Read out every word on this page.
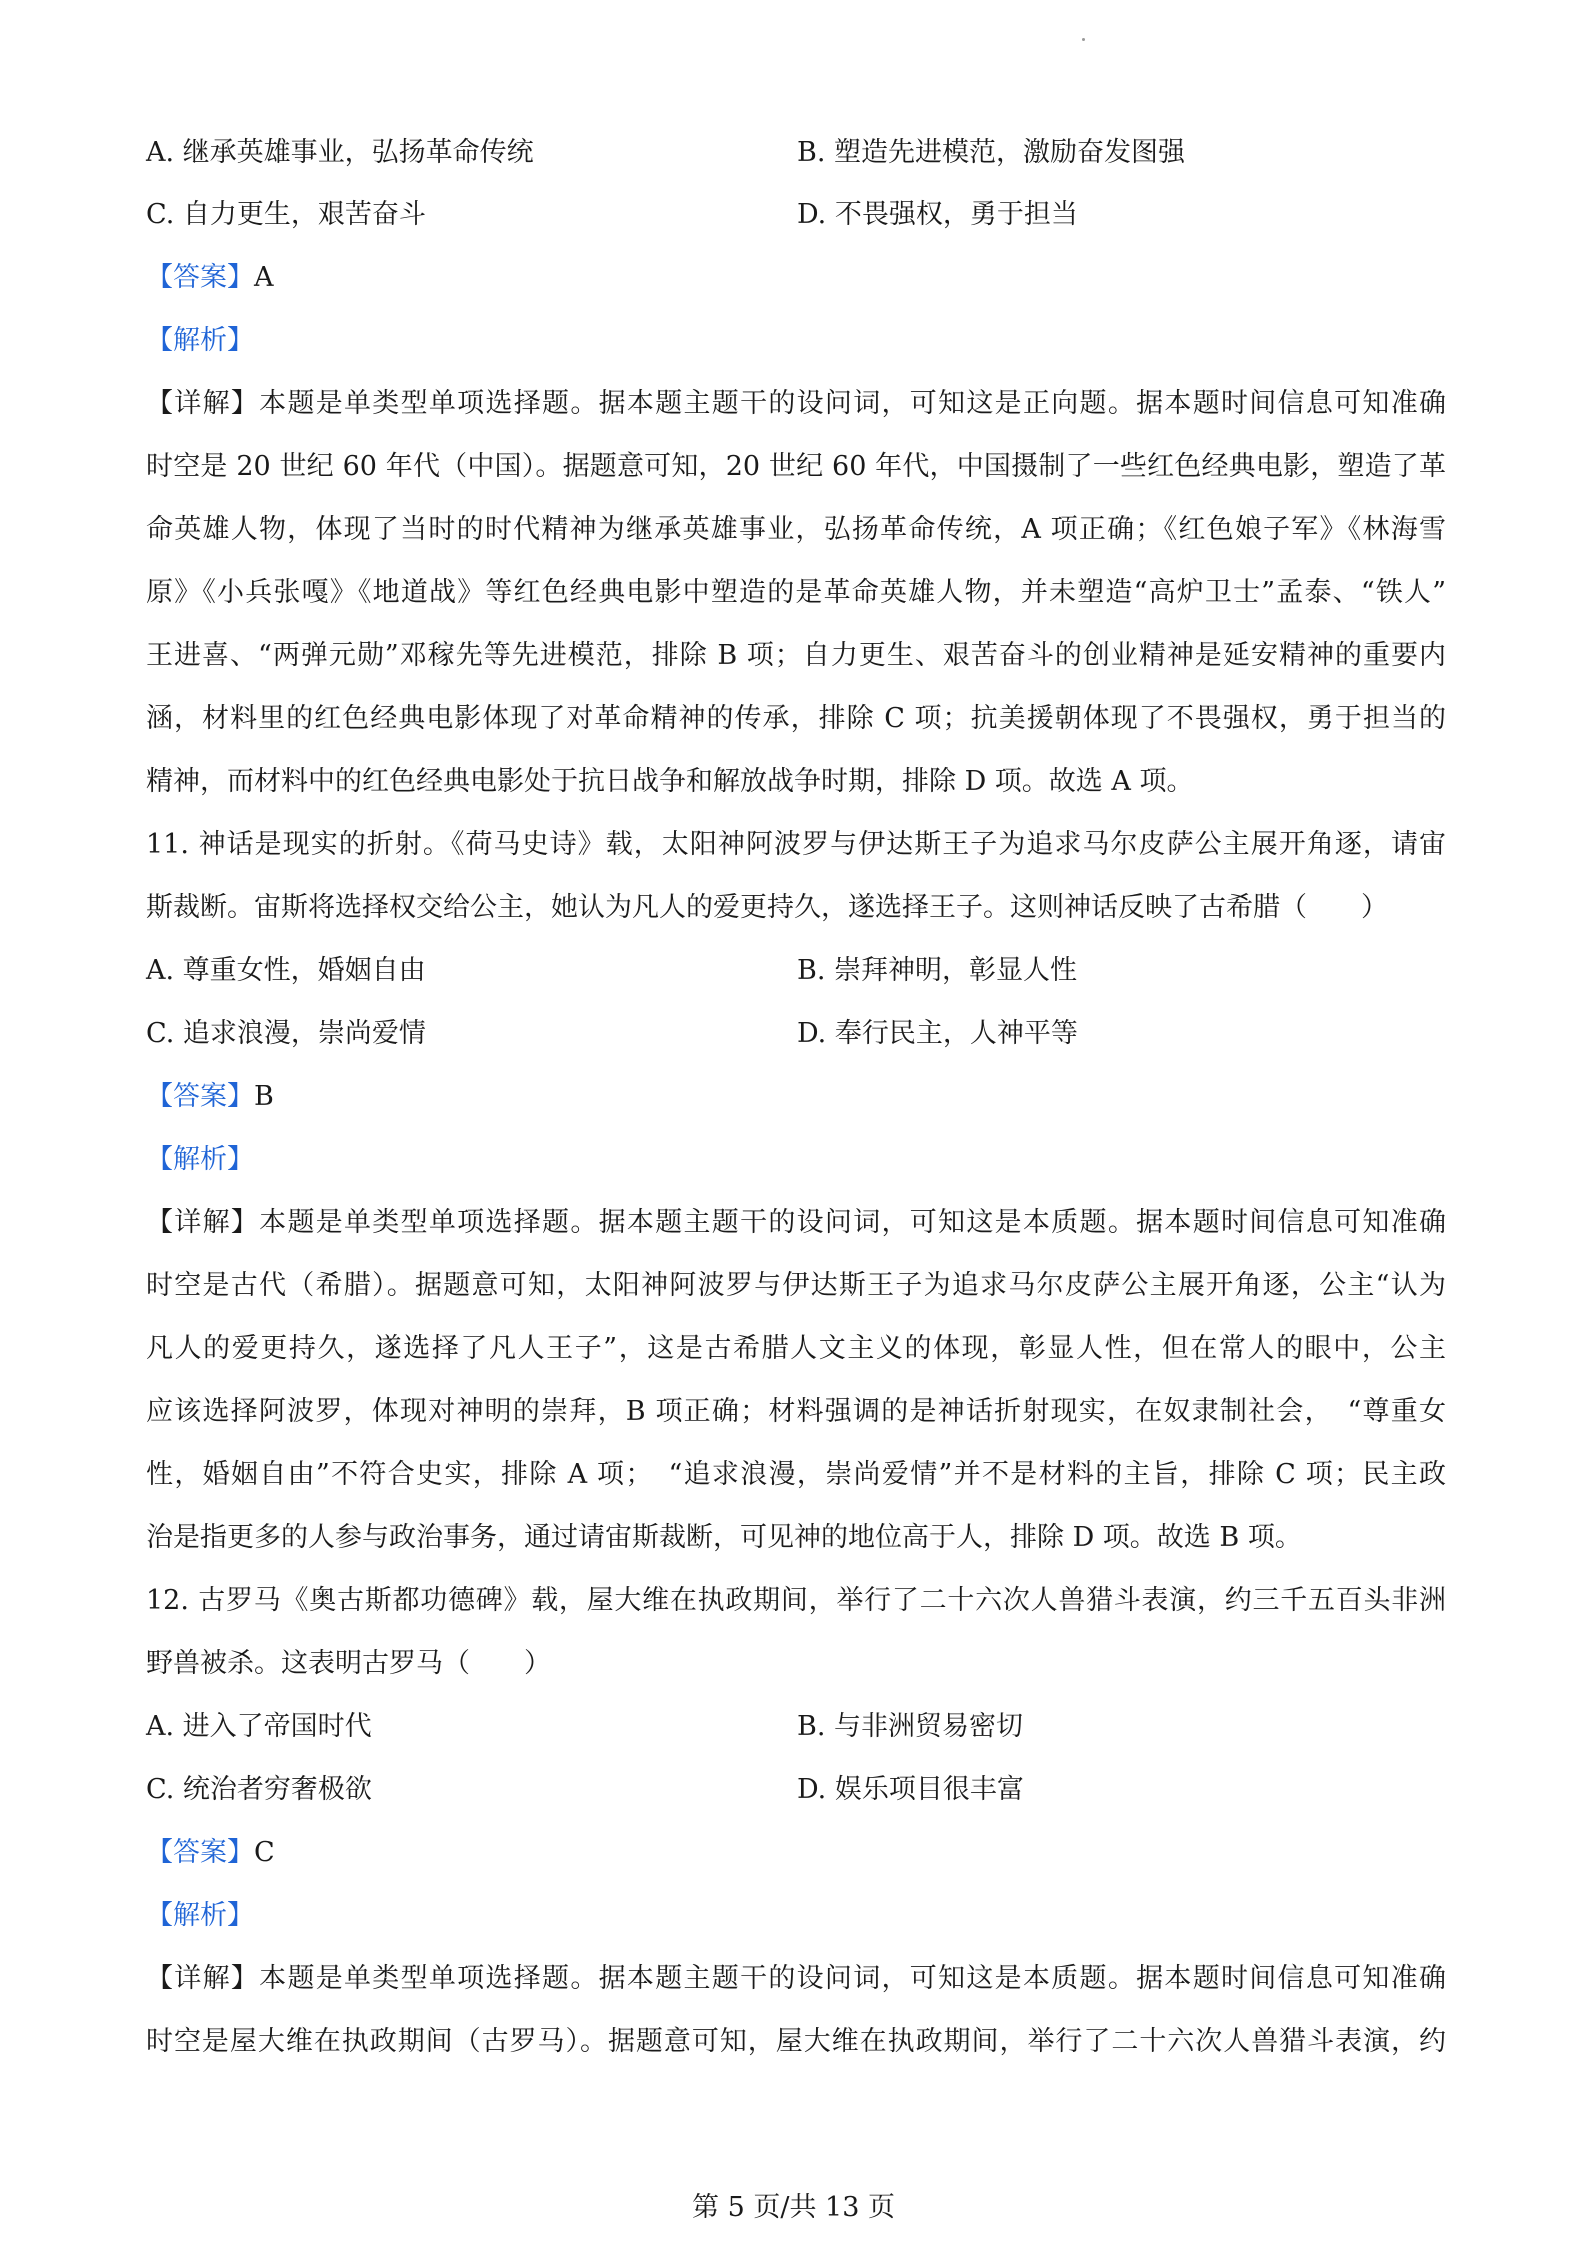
A. 继承英雄事业，弘扬革命传统	B. 塑造先进模范，激励奋发图强
C. 自力更生，艰苦奋斗	D. 不畏强权，勇于担当
【答案】A
【解析】
【详解】本题是单类型单项选择题。据本题主题干的设问词，可知这是正向题。据本题时间信息可知准确
时空是 20 世纪 60 年代（中国）。据题意可知，20 世纪 60 年代，中国摄制了一些红色经典电影，塑造了革
命英雄人物，体现了当时的时代精神为继承英雄事业，弘扬革命传统，A 项正确；《红色娘子军》《林海雪
原》《小兵张嘎》《地道战》等红色经典电影中塑造的是革命英雄人物，并未塑造“高炉卫士”孟泰、“铁人”
王进喜、“两弹元勋”邓稼先等先进模范，排除 B 项；自力更生、艰苦奋斗的创业精神是延安精神的重要内
涵，材料里的红色经典电影体现了对革命精神的传承，排除 C 项；抗美援朝体现了不畏强权，勇于担当的
精神，而材料中的红色经典电影处于抗日战争和解放战争时期，排除 D 项。故选 A 项。
11. 神话是现实的折射。《荷马史诗》载，太阳神阿波罗与伊达斯王子为追求马尔皮萨公主展开角逐，请宙
斯裁断。宙斯将选择权交给公主，她认为凡人的爱更持久，遂选择王子。这则神话反映了古希腊（　　）
A. 尊重女性，婚姻自由	B. 崇拜神明，彰显人性
C. 追求浪漫，崇尚爱情	D. 奉行民主，人神平等
【答案】B
【解析】
【详解】本题是单类型单项选择题。据本题主题干的设问词，可知这是本质题。据本题时间信息可知准确
时空是古代（希腊）。据题意可知，太阳神阿波罗与伊达斯王子为追求马尔皮萨公主展开角逐，公主“认为
凡人的爱更持久，遂选择了凡人王子”，这是古希腊人文主义的体现，彰显人性，但在常人的眼中，公主
应该选择阿波罗，体现对神明的崇拜，B 项正确；材料强调的是神话折射现实，在奴隶制社会，　“尊重女
性，婚姻自由”不符合史实，排除 A 项；　“追求浪漫，崇尚爱情”并不是材料的主旨，排除 C 项；民主政
治是指更多的人参与政治事务，通过请宙斯裁断，可见神的地位高于人，排除 D 项。故选 B 项。
12. 古罗马《奥古斯都功德碑》载，屋大维在执政期间，举行了二十六次人兽猎斗表演，约三千五百头非洲
野兽被杀。这表明古罗马（　　）
A. 进入了帝国时代	B. 与非洲贸易密切
C. 统治者穷奢极欲	D. 娱乐项目很丰富
【答案】C
【解析】
【详解】本题是单类型单项选择题。据本题主题干的设问词，可知这是本质题。据本题时间信息可知准确
时空是屋大维在执政期间（古罗马）。据题意可知，屋大维在执政期间，举行了二十六次人兽猎斗表演，约
第 5 页/共 13 页
